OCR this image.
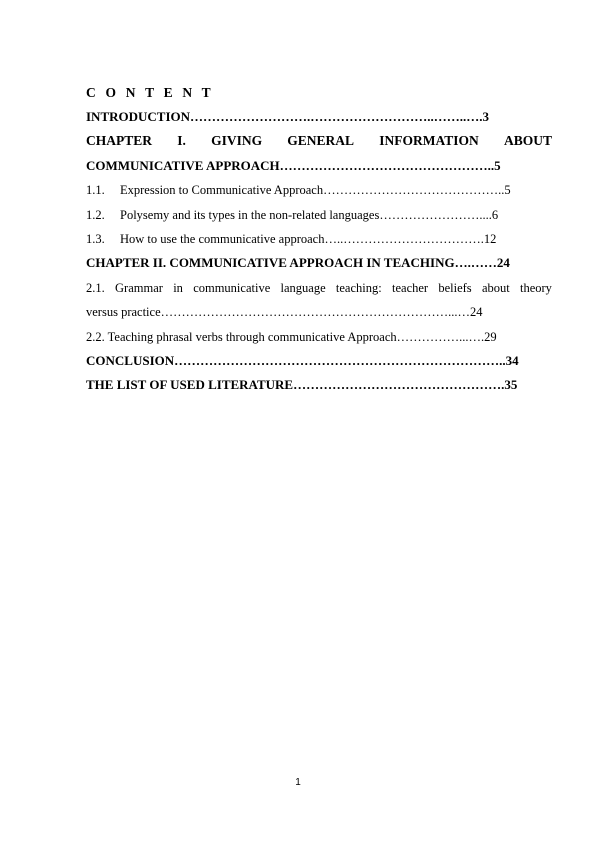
C O N T E N T
INTRODUCTION……………………….………………………..……..….3
CHAPTER I. GIVING GENERAL INFORMATION ABOUT
COMMUNICATIVE APPROACH…………………………………………..5
1.1. Expression to Communicative Approach……………………………………..5
1.2. Polysemy and its types in the non-related languages……………………....6
1.3. How to use the communicative approach…..…………………………….12
CHAPTER II. COMMUNICATIVE APPROACH IN TEACHING….……24
2.1. Grammar in communicative language teaching: teacher beliefs about theory
versus practice……………………………………………………………...…24
2.2. Teaching phrasal verbs through communicative Approach……………...….29
CONCLUSION…………………………………………………………………..34
THE LIST OF USED LITERATURE………………………………………….35
1
